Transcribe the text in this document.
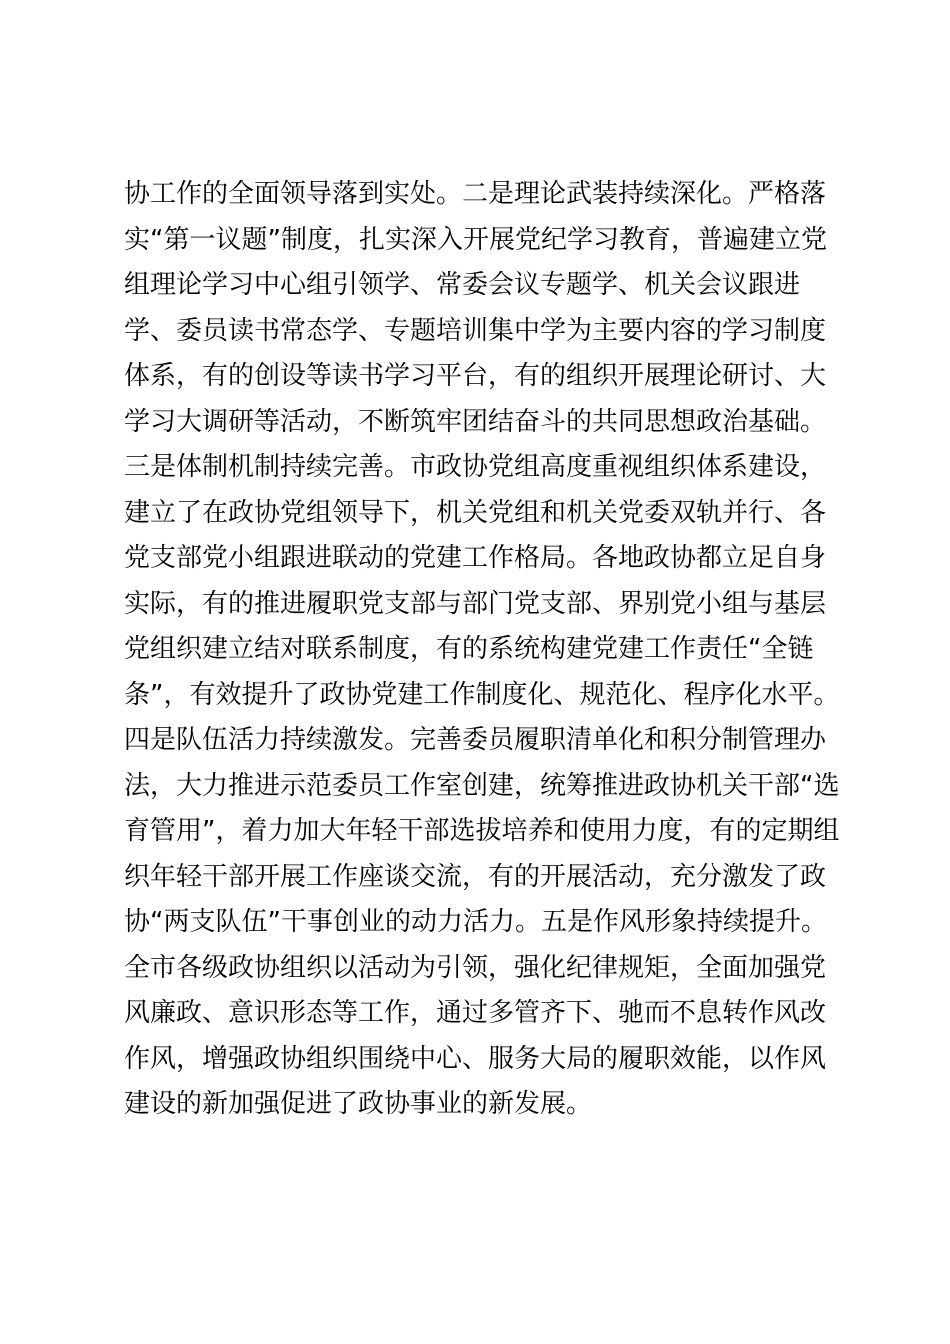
协工作的全面领导落到实处。二是理论武装持续深化。严格落
实“第一议题”制度，扎实深入开展党纪学习教育，普遍建立党
组理论学习中心组引领学、常委会议专题学、机关会议跟进
学、委员读书常态学、专题培训集中学为主要内容的学习制度
体系，有的创设等读书学习平台，有的组织开展理论研讨、大
学习大调研等活动，不断筑牢团结奋斗的共同思想政治基础。
三是体制机制持续完善。市政协党组高度重视组织体系建设，
建立了在政协党组领导下，机关党组和机关党委双轨并行、各
党支部党小组跟进联动的党建工作格局。各地政协都立足自身
实际，有的推进履职党支部与部门党支部、界别党小组与基层
党组织建立结对联系制度，有的系统构建党建工作责任“全链
条”，有效提升了政协党建工作制度化、规范化、程序化水平。
四是队伍活力持续激发。完善委员履职清单化和积分制管理办
法，大力推进示范委员工作室创建，统筹推进政协机关干部“选
育管用”，着力加大年轻干部选拔培养和使用力度，有的定期组
织年轻干部开展工作座谈交流，有的开展活动，充分激发了政
协“两支队伍”干事创业的动力活力。五是作风形象持续提升。
全市各级政协组织以活动为引领，强化纪律规矩，全面加强党
风廉政、意识形态等工作，通过多管齐下、驰而不息转作风改
作风，增强政协组织围绕中心、服务大局的履职效能，以作风
建设的新加强促进了政协事业的新发展。
